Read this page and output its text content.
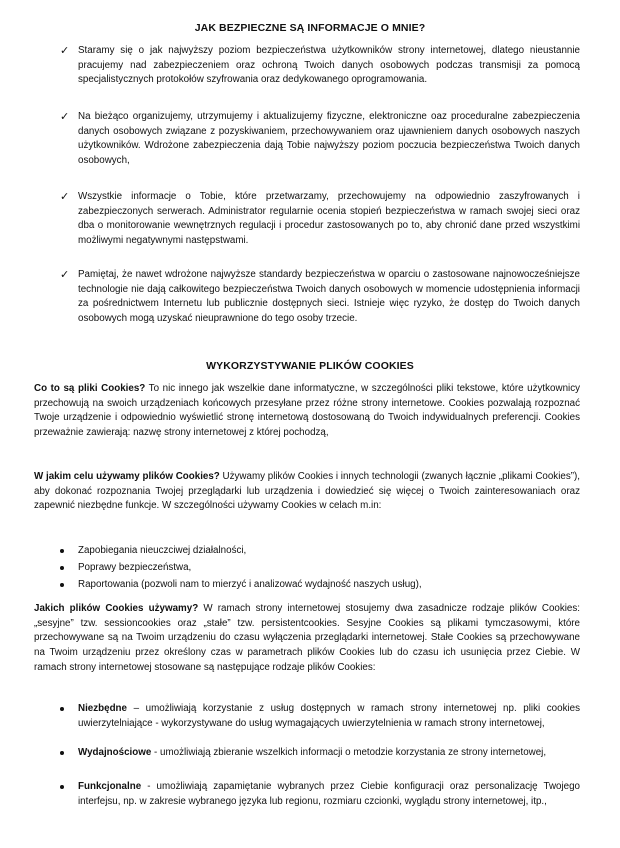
JAK BEZPIECZNE SĄ INFORMACJE O MNIE?
✓ Staramy się o jak najwyższy poziom bezpieczeństwa użytkowników strony internetowej, dlatego nieustannie pracujemy nad zabezpieczeniem oraz ochroną Twoich danych osobowych podczas transmisji za pomocą specjalistycznych protokołów szyfrowania oraz dedykowanego oprogramowania.
✓ Na bieżąco organizujemy, utrzymujemy i aktualizujemy fizyczne, elektroniczne oaz proceduralne zabezpieczenia danych osobowych związane z pozyskiwaniem, przechowywaniem oraz ujawnieniem danych osobowych naszych użytkowników. Wdrożone zabezpieczenia dają Tobie najwyższy poziom poczucia bezpieczeństwa Twoich danych osobowych,
✓ Wszystkie informacje o Tobie, które przetwarzamy, przechowujemy na odpowiednio zaszyfrowanych i zabezpieczonych serwerach. Administrator regularnie ocenia stopień bezpieczeństwa w ramach swojej sieci oraz dba o monitorowanie wewnętrznych regulacji i procedur zastosowanych po to, aby chronić dane przed wszystkimi możliwymi negatywnymi następstwami.
✓ Pamiętaj, że nawet wdrożone najwyższe standardy bezpieczeństwa w oparciu o zastosowane najnowocześniejsze technologie nie dają całkowitego bezpieczeństwa Twoich danych osobowych w momencie udostępnienia informacji za pośrednictwem Internetu lub publicznie dostępnych sieci. Istnieje więc ryzyko, że dostęp do Twoich danych osobowych mogą uzyskać nieuprawnione do tego osoby trzecie.
WYKORZYSTYWANIE PLIKÓW COOKIES
Co to są pliki Cookies? To nic innego jak wszelkie dane informatyczne, w szczególności pliki tekstowe, które użytkownicy przechowują na swoich urządzeniach końcowych przesyłane przez różne strony internetowe. Cookies pozwalają rozpoznać Twoje urządzenie i odpowiednio wyświetlić stronę internetową dostosowaną do Twoich indywidualnych preferencji. Cookies przeważnie zawierają: nazwę strony internetowej z której pochodzą,
W jakim celu używamy plików Cookies? Używamy plików Cookies i innych technologii (zwanych łącznie „plikami Cookies”), aby dokonać rozpoznania Twojej przeglądarki lub urządzenia i dowiedzieć się więcej o Twoich zainteresowaniach oraz zapewnić niezbędne funkcje. W szczególności używamy Cookies w celach m.in:
Zapobiegania nieuczciwej działalności,
Poprawy bezpieczeństwa,
Raportowania (pozwoli nam to mierzyć i analizować wydajność naszych usług),
Jakich plików Cookies używamy? W ramach strony internetowej stosujemy dwa zasadnicze rodzaje plików Cookies: „sesyjne” tzw. sessioncookies oraz „stałe” tzw. persistentcookies. Sesyjne Cookies są plikami tymczasowymi, które przechowywane są na Twoim urządzeniu do czasu wyłączenia przeglądarki internetowej. Stałe Cookies są przechowywane na Twoim urządzeniu przez określony czas w parametrach plików Cookies lub do czasu ich usunięcia przez Ciebie. W ramach strony internetowej stosowane są następujące rodzaje plików Cookies:
Niezbędne – umożliwiają korzystanie z usług dostępnych w ramach strony internetowej np. pliki cookies uwierzytelniające - wykorzystywane do usług wymagających uwierzytelnienia w ramach strony internetowej,
Wydajnościowe - umożliwiają zbieranie wszelkich informacji o metodzie korzystania ze strony internetowej,
Funkcjonalne - umożliwiają zapamiętanie wybranych przez Ciebie konfiguracji oraz personalizację Twojego interfejsu, np. w zakresie wybranego języka lub regionu, rozmiaru czcionki, wyglądu strony internetowej, itp.,
